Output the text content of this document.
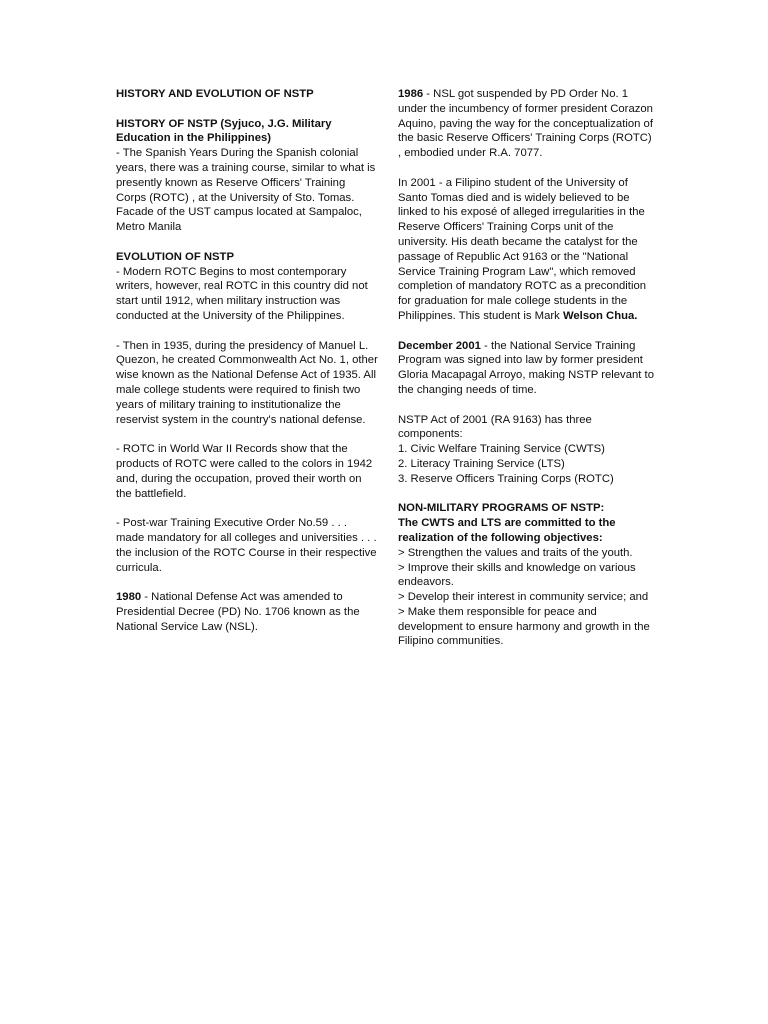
HISTORY AND EVOLUTION OF NSTP

HISTORY OF NSTP (Syjuco, J.G. Military
Education in the Philippines)

- The Spanish Years During the Spanish colonial years, there was a training course, similar to what is presently known as Reserve Officers' Training Corps (ROTC) , at the University of Sto. Tomas. Facade of the UST campus located at Sampaloc, Metro Manila

EVOLUTION OF NSTP

- Modern ROTC Begins to most contemporary writers, however, real ROTC in this country did not start until 1912, when military instruction was conducted at the University of the Philippines.

- Then in 1935, during the presidency of Manuel L. Quezon, he created Commonwealth Act No. 1, other wise known as the National Defense Act of 1935. All male college students were required to finish two years of military training to institutionalize the reservist system in the country's national defense.

- ROTC in World War II Records show that the products of ROTC were called to the colors in 1942 and, during the occupation, proved their worth on the battlefield.

- Post-war Training Executive Order No.59 . . . made mandatory for all colleges and universities . . . the inclusion of the ROTC Course in their respective curricula.

1980 - National Defense Act was amended to Presidential Decree (PD) No. 1706 known as the National Service Law (NSL).

1986 - NSL got suspended by PD Order No. 1 under the incumbency of former president Corazon Aquino, paving the way for the conceptualization of the basic Reserve Officers' Training Corps (ROTC) , embodied under R.A. 7077.

In 2001 - a Filipino student of the University of Santo Tomas died and is widely believed to be linked to his exposé of alleged irregularities in the Reserve Officers' Training Corps unit of the university. His death became the catalyst for the passage of Republic Act 9163 or the "National Service Training Program Law", which removed completion of mandatory ROTC as a precondition for graduation for male college students in the Philippines. This student is Mark Welson Chua.

December 2001 - the National Service Training Program was signed into law by former president Gloria Macapagal Arroyo, making NSTP relevant to the changing needs of time.

NSTP Act of 2001 (RA 9163) has three components:

1. Civic Welfare Training Service (CWTS)
2. Literacy Training Service (LTS)
3. Reserve Officers Training Corps (ROTC)

NON-MILITARY PROGRAMS OF NSTP:

The CWTS and LTS are committed to the realization of the following objectives:

> Strengthen the values and traits of the youth.
> Improve their skills and knowledge on various endeavors.
> Develop their interest in community service; and
> Make them responsible for peace and development to ensure harmony and growth in the Filipino communities.
